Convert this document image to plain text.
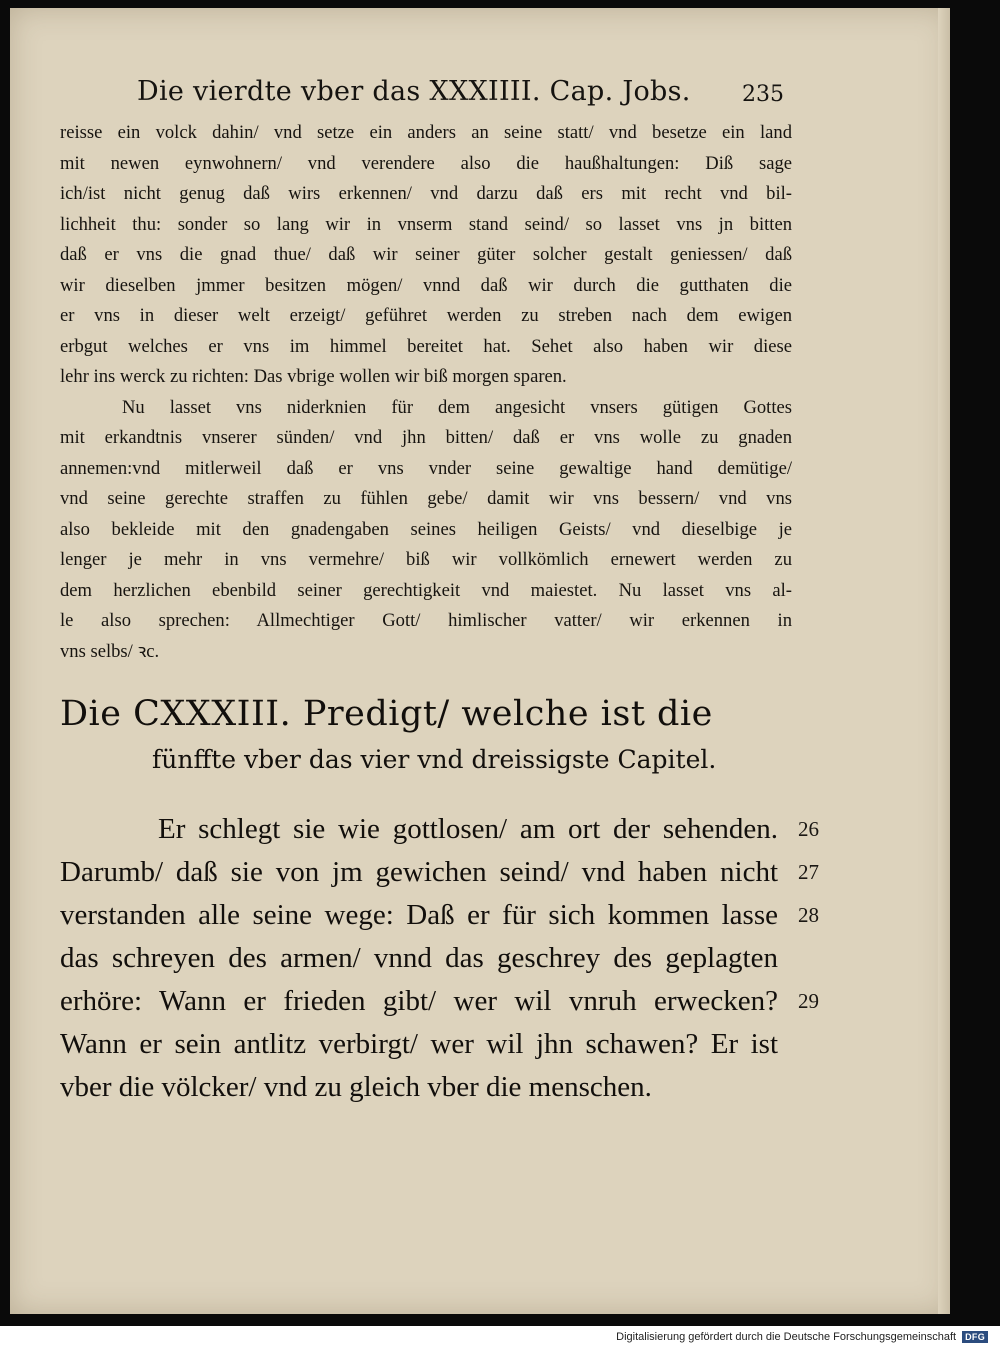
Die vierdte vber das XXXIIII. Cap. Jobs.	235
reisse ein volck dahin/ vnd setze ein anders an seine statt/ vnd besetze ein land
mit newen eynwohnern/ vnd verendere also die haußhaltungen: Diß sage
ich/ist nicht genug daß wirs erkennen/ vnd darzu daß ers mit recht vnd bil-
lichheit thu: sonder so lang wir in vnserm stand seind/ so lasset vns jn bitten
daß er vns die gnad thue/ daß wir seiner güter solcher gestalt geniessen/ daß
wir dieselben jmmer besitzen mögen/ vnnd daß wir durch die gutthaten die
er vns in dieser welt erzeigt/ geführet werden zu streben nach dem ewigen
erbgut welches er vns im himmel bereitet hat. Sehet also haben wir diese
lehr ins werck zu richten: Das vbrige wollen wir biß morgen sparen.
Nu lasset vns niderknien für dem angesicht vnsers gütigen Gottes
mit erkandtnis vnserer sünden/ vnd jhn bitten/ daß er vns wolle zu gnaden
annemen:vnd mitlerweil daß er vns vnder seine gewaltige hand demütige/
vnd seine gerechte straffen zu fühlen gebe/ damit wir vns bessern/ vnd vns
also bekleide mit den gnadengaben seines heiligen Geists/ vnd dieselbige je
lenger je mehr in vns vermehre/ biß wir vollkömlich ernewert werden zu
dem herzlichen ebenbild seiner gerechtigkeit vnd maiestet. Nu lasset vns al-
le also sprechen: Allmechtiger Gott/ himlischer vatter/ wir erkennen in
vns selbs/ ꝛc.
Die CXXXIII. Predigt/ welche ist die
fünffte vber das vier vnd dreissigste Capitel.
Er schlegt sie wie gottlosen/ am ort der sehenden. 26
Darumb/ daß sie von jm gewichen seind/ vnd haben nicht 27
verstanden alle seine wege: Daß er für sich kommen lasse 28
das schreyen des armen/ vnnd das geschrey des geplagten
erhöre: Wann er frieden gibt/ wer wil vnruh erwecken? 29
Wann er sein antlitz verbirgt/ wer wil jhn schawen? Er ist
vber die völcker/ vnd zu gleich vber die menschen.
Digitalisierung gefördert durch die Deutsche Forschungsgemeinschaft	DFG
